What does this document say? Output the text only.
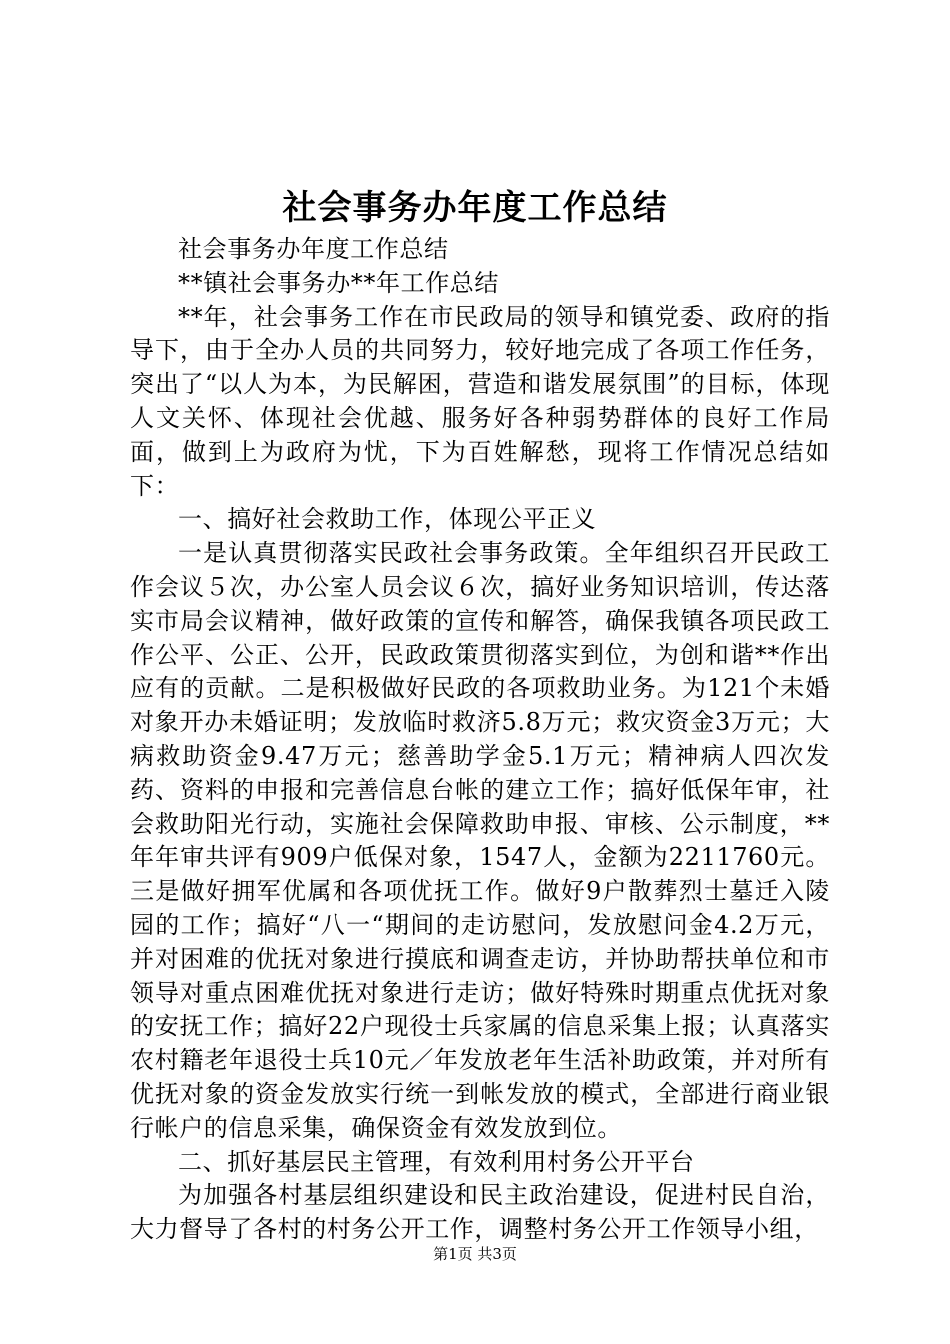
社会事务办年度工作总结

社会事务办年度工作总结

**镇社会事务办**年工作总结

**年，社会事务工作在市民政局的领导和镇党委、政府的指导下，由于全办人员的共同努力，较好地完成了各项工作任务，突出了“以人为本，为民解困，营造和谐发展氛围”的目标，体现人文关怀、体现社会优越、服务好各种弱势群体的良好工作局面，做到上为政府为忧，下为百姓解愁，现将工作情况总结如下：

一、搞好社会救助工作，体现公平正义

一是认真贯彻落实民政社会事务政策。全年组织召开民政工作会议５次，办公室人员会议６次，搞好业务知识培训，传达落实市局会议精神，做好政策的宣传和解答，确保我镇各项民政工作公平、公正、公开，民政政策贯彻落实到位，为创和谐**作出应有的贡献。二是积极做好民政的各项救助业务。为121个未婚对象开办未婚证明；发放临时救济5.8万元；救灾资金3万元；大病救助资金9.47万元；慈善助学金5.1万元；精神病人四次发药、资料的申报和完善信息台帐的建立工作；搞好低保年审，社会救助阳光行动，实施社会保障救助申报、审核、公示制度，**年年审共评有909户低保对象，1547人，金额为2211760元。三是做好拥军优属和各项优抚工作。做好9户散葬烈士墓迁入陵园的工作；搞好“八一“期间的走访慰问，发放慰问金4.2万元，并对困难的优抚对象进行摸底和调查走访，并协助帮扶单位和市领导对重点困难优抚对象进行走访；做好特殊时期重点优抚对象的安抚工作；搞好22户现役士兵家属的信息采集上报；认真落实农村籍老年退役士兵10元／年发放老年生活补助政策，并对所有优抚对象的资金发放实行统一到帐发放的模式，全部进行商业银行帐户的信息采集，确保资金有效发放到位。

二、抓好基层民主管理，有效利用村务公开平台

为加强各村基层组织建设和民主政治建设，促进村民自治，大力督导了各村的村务公开工作，调整村务公开工作领导小组，

第1页 共3页
